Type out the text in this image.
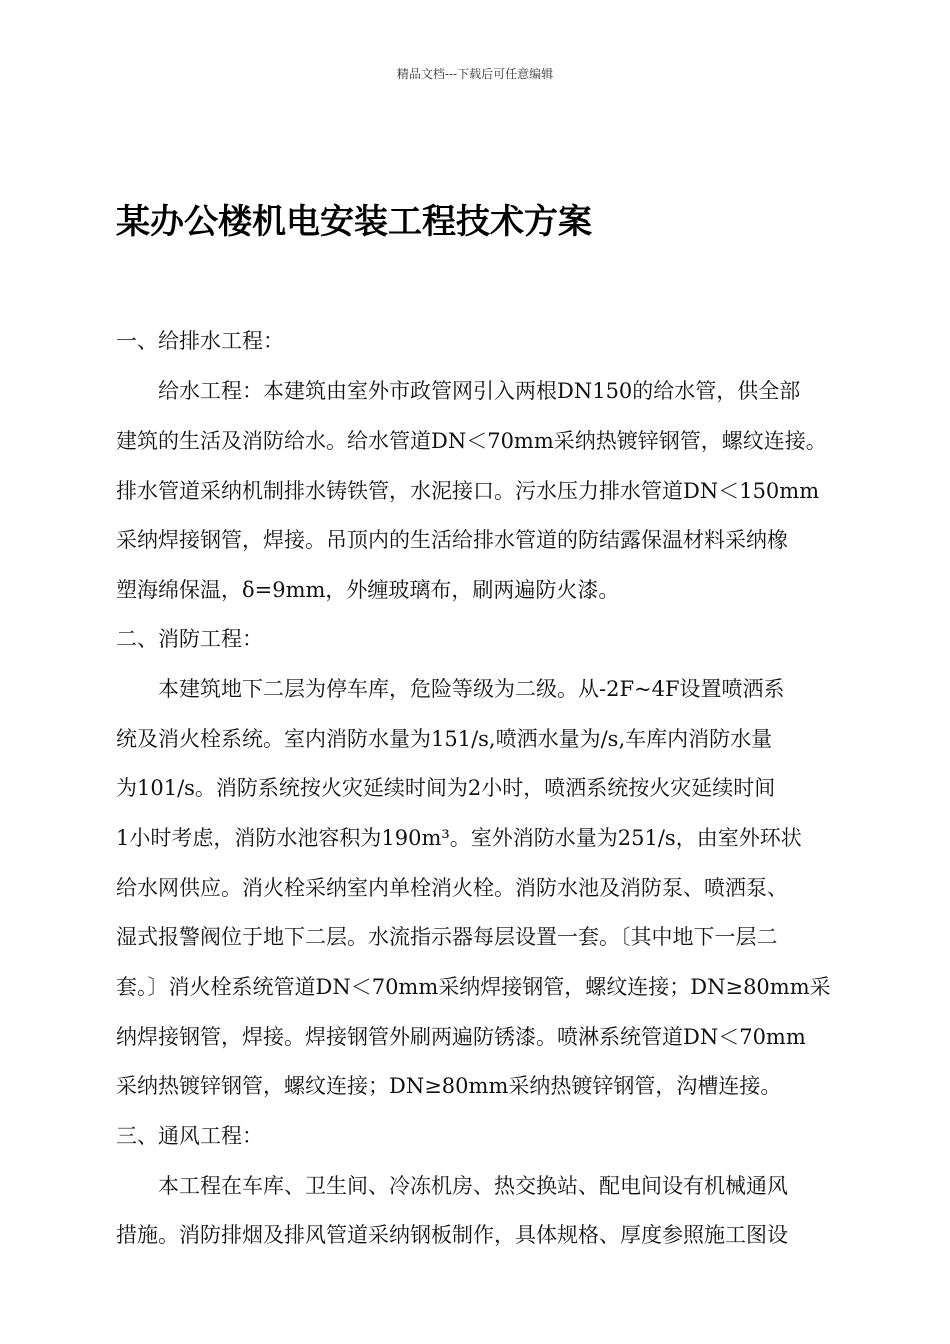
精品文档---下载后可任意编辑
某办公楼机电安装工程技术方案
一、给排水工程：
给水工程：本建筑由室外市政管网引入两根DN150的给水管，供全部
建筑的生活及消防给水。给水管道DN＜70mm采纳热镀锌钢管，螺纹连接。
排水管道采纳机制排水铸铁管，水泥接口。污水压力排水管道DN＜150mm
采纳焊接钢管，焊接。吊顶内的生活给排水管道的防结露保温材料采纳橡
塑海绵保温，δ=9mm，外缠玻璃布，刷两遍防火漆。
二、消防工程：
本建筑地下二层为停车库，危险等级为二级。从-2F~4F设置喷洒系
统及消火栓系统。室内消防水量为151/s,喷洒水量为/s,车库内消防水量
为101/s。消防系统按火灾延续时间为2小时，喷洒系统按火灾延续时间
1小时考虑，消防水池容积为190m³。室外消防水量为251/s，由室外环状
给水网供应。消火栓采纳室内单栓消火栓。消防水池及消防泵、喷洒泵、
湿式报警阀位于地下二层。水流指示器每层设置一套。〔其中地下一层二
套。〕消火栓系统管道DN＜70mm采纳焊接钢管，螺纹连接；DN≥80mm采
纳焊接钢管，焊接。焊接钢管外刷两遍防锈漆。喷淋系统管道DN＜70mm
采纳热镀锌钢管，螺纹连接；DN≥80mm采纳热镀锌钢管，沟槽连接。
三、通风工程：
本工程在车库、卫生间、冷冻机房、热交换站、配电间设有机械通风
措施。消防排烟及排风管道采纳钢板制作，具体规格、厚度参照施工图设
